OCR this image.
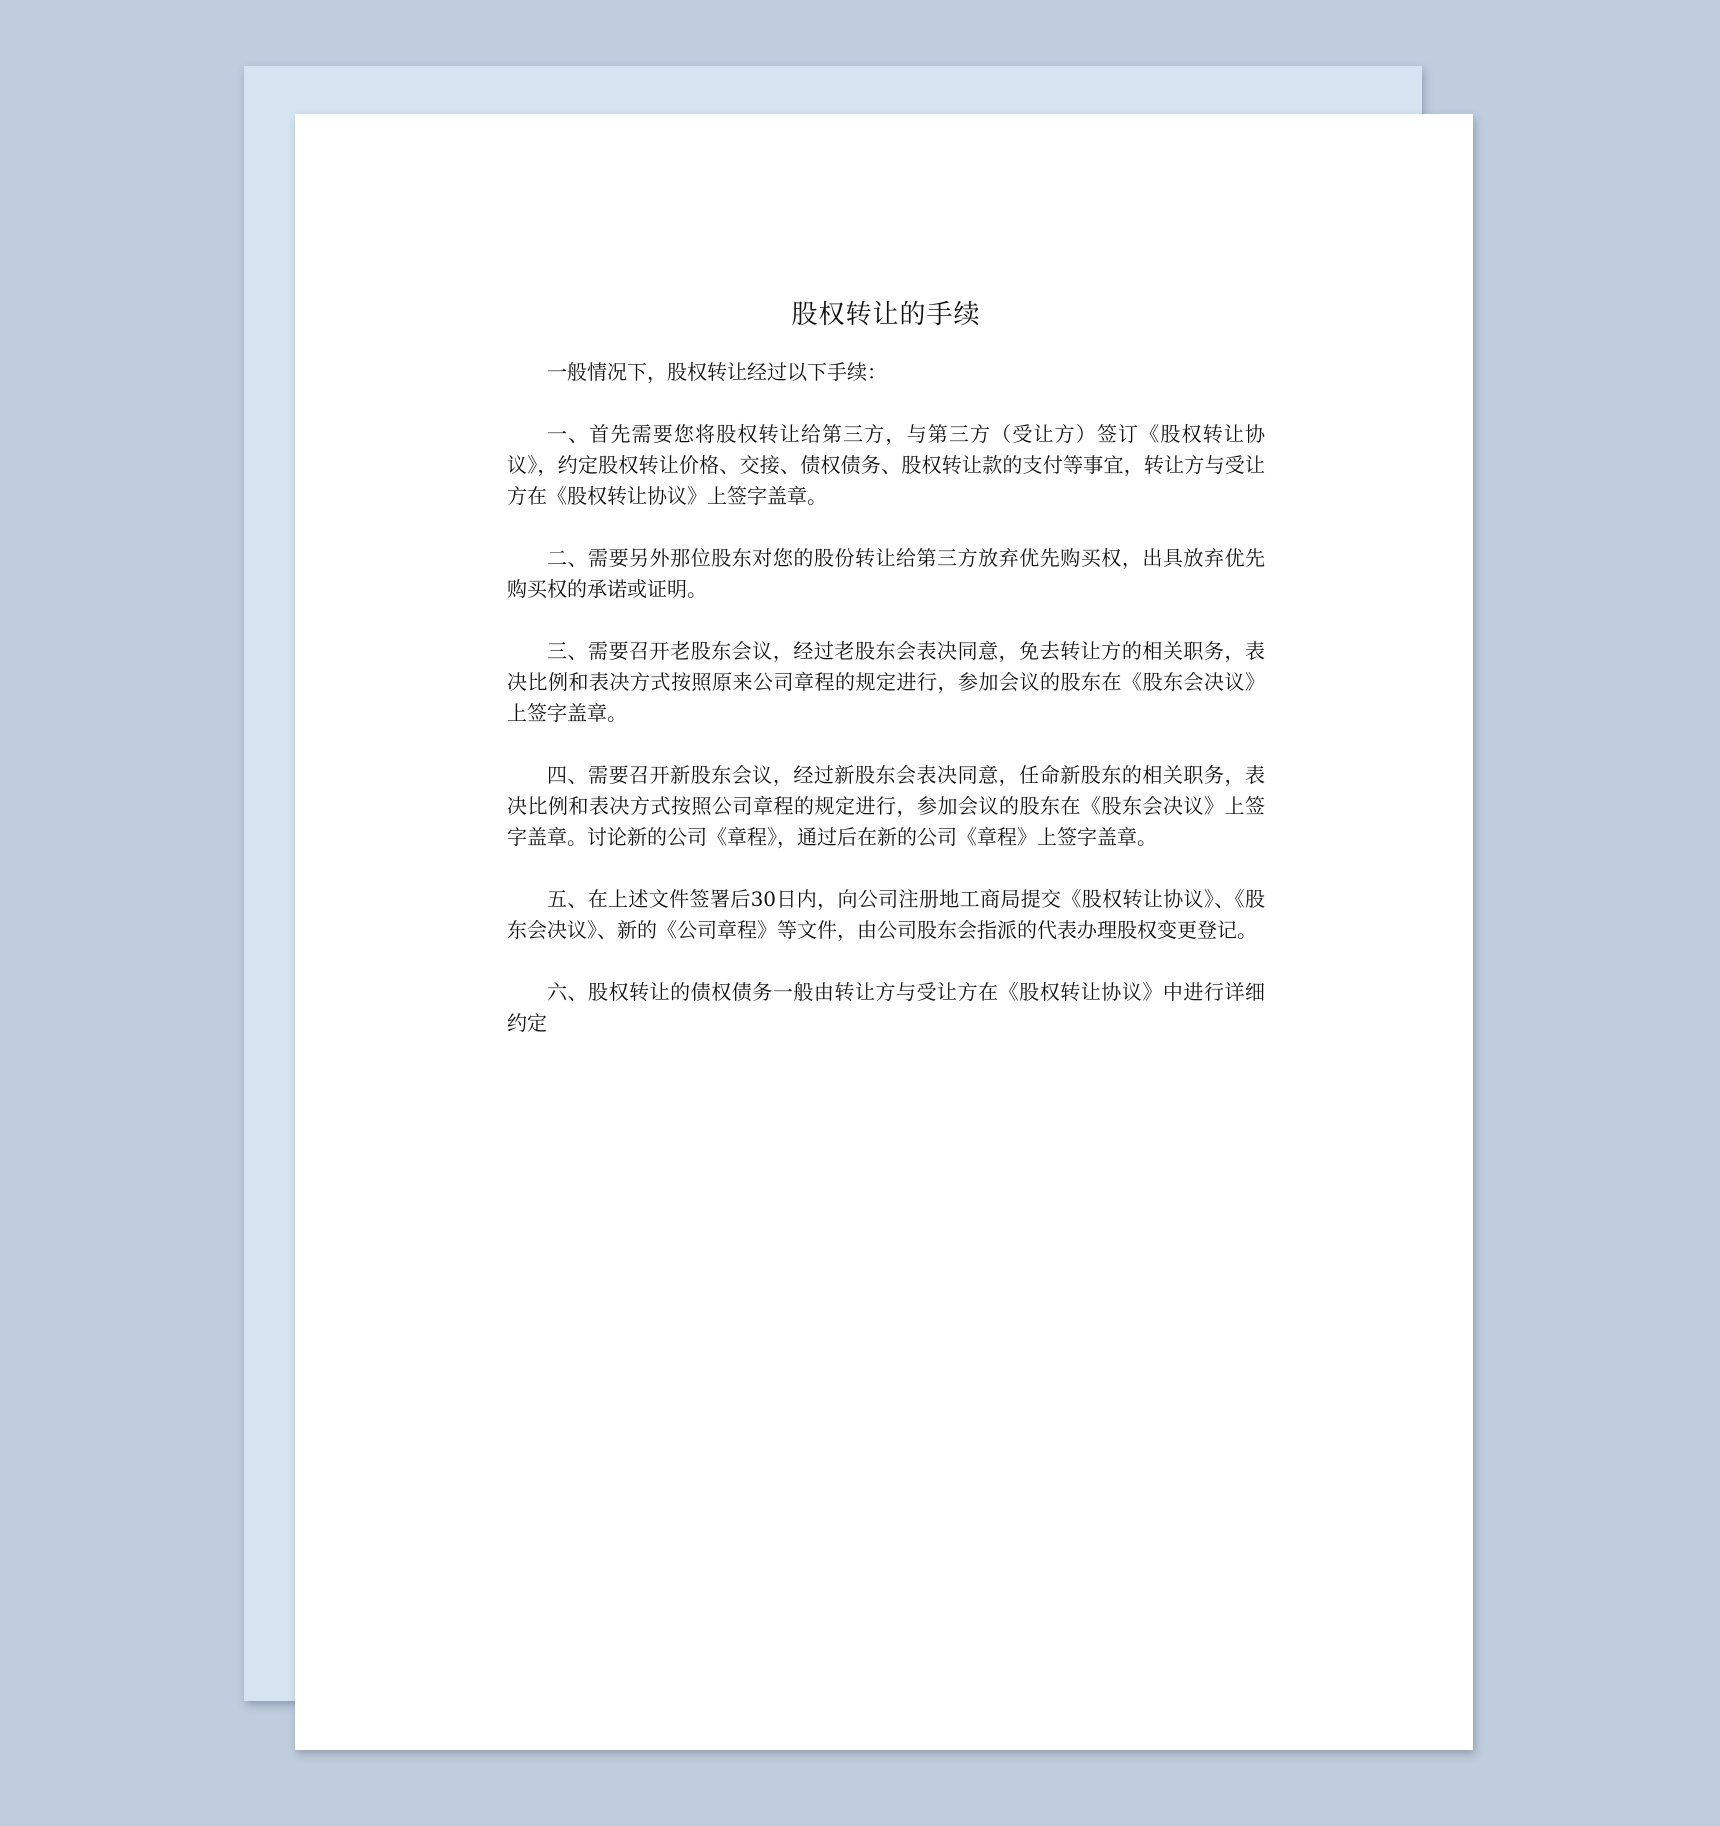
股权转让的手续

一般情况下，股权转让经过以下手续：

一、首先需要您将股权转让给第三方，与第三方（受让方）签订《股权转让协议》，约定股权转让价格、交接、债权债务、股权转让款的支付等事宜，转让方与受让方在《股权转让协议》上签字盖章。

二、需要另外那位股东对您的股份转让给第三方放弃优先购买权，出具放弃优先购买权的承诺或证明。

三、需要召开老股东会议，经过老股东会表决同意，免去转让方的相关职务，表决比例和表决方式按照原来公司章程的规定进行，参加会议的股东在《股东会决议》上签字盖章。

四、需要召开新股东会议，经过新股东会表决同意，任命新股东的相关职务，表决比例和表决方式按照公司章程的规定进行，参加会议的股东在《股东会决议》上签字盖章。讨论新的公司《章程》，通过后在新的公司《章程》上签字盖章。

五、在上述文件签署后30日内，向公司注册地工商局提交《股权转让协议》、《股东会决议》、新的《公司章程》等文件，由公司股东会指派的代表办理股权变更登记。

六、股权转让的债权债务一般由转让方与受让方在《股权转让协议》中进行详细约定
